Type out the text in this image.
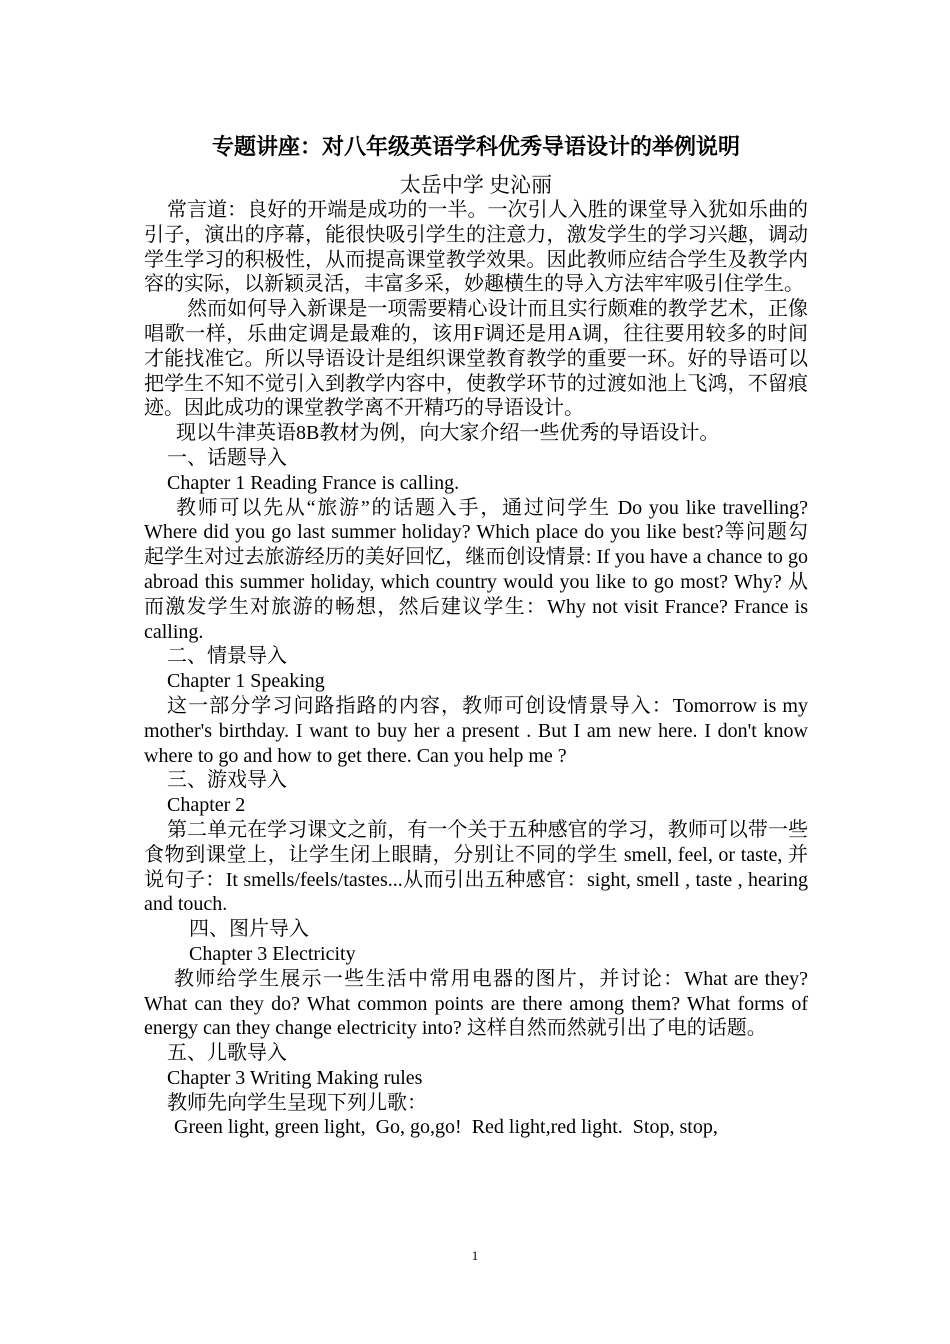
专题讲座：对八年级英语学科优秀导语设计的举例说明

太岳中学 史沁丽

常言道：良好的开端是成功的一半。一次引人入胜的课堂导入犹如乐曲的引子，演出的序幕，能很快吸引学生的注意力，激发学生的学习兴趣，调动学生学习的积极性，从而提高课堂教学效果。因此教师应结合学生及教学内容的实际，以新颖灵活，丰富多采，妙趣横生的导入方法牢牢吸引住学生。

然而如何导入新课是一项需要精心设计而且实行颇难的教学艺术，正像唱歌一样，乐曲定调是最难的，该用F调还是用A调，往往要用较多的时间才能找准它。所以导语设计是组织课堂教育教学的重要一环。好的导语可以把学生不知不觉引入到教学内容中，使教学环节的过渡如池上飞鸿，不留痕迹。因此成功的课堂教学离不开精巧的导语设计。

现以牛津英语8B教材为例，向大家介绍一些优秀的导语设计。

一、话题导入

Chapter 1 Reading France is calling.

教师可以先从“旅游”的话题入手，通过问学生 Do you like travelling? Where did you go last summer holiday? Which place do you like best?等问题勾起学生对过去旅游经历的美好回忆，继而创设情景: If you have a chance to go abroad this summer holiday, which country would you like to go most? Why? 从而激发学生对旅游的畅想，然后建议学生：Why not visit France? France is calling.

二、情景导入

Chapter 1 Speaking

这一部分学习问路指路的内容，教师可创设情景导入：Tomorrow is my mother's birthday. I want to buy her a present . But I am new here. I don't know where to go and how to get there. Can you help me ?

三、游戏导入

Chapter 2

第二单元在学习课文之前，有一个关于五种感官的学习，教师可以带一些食物到课堂上，让学生闭上眼睛，分别让不同的学生 smell, feel, or taste, 并说句子：It smells/feels/tastes...从而引出五种感官：sight, smell , taste , hearing and touch.

四、图片导入

Chapter 3 Electricity

教师给学生展示一些生活中常用电器的图片，并讨论：What are they? What can they do? What common points are there among them? What forms of energy can they change electricity into? 这样自然而然就引出了电的话题。

五、儿歌导入

Chapter 3 Writing Making rules

教师先向学生呈现下列儿歌：

Green light, green light,  Go, go,go!  Red light,red light.  Stop, stop,

1
